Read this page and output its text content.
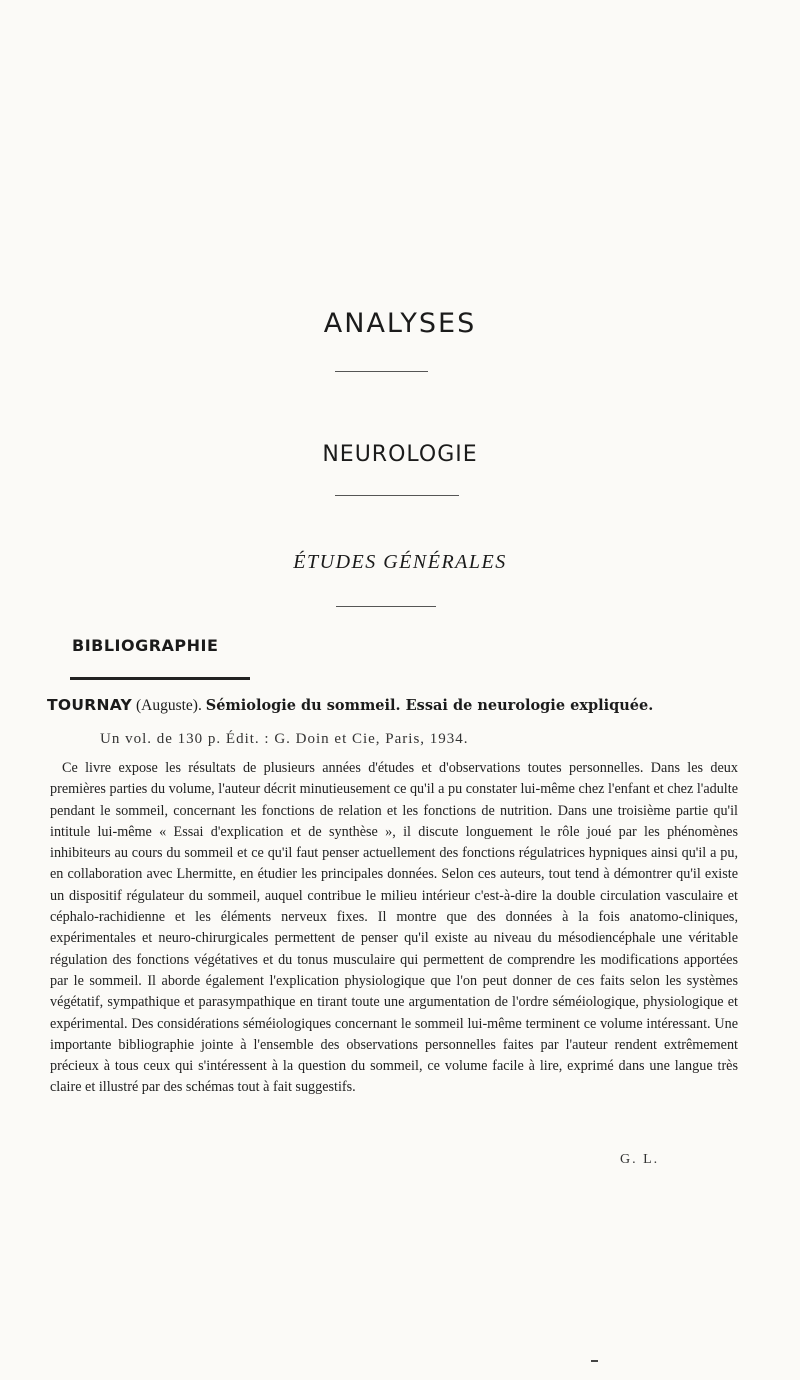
ANALYSES
NEUROLOGIE
ÉTUDES GÉNÉRALES
BIBLIOGRAPHIE
TOURNAY (Auguste). Sémiologie du sommeil. Essai de neurologie expliquée.
Un vol. de 130 p. Édit. : G. Doin et Cie, Paris, 1934.
Ce livre expose les résultats de plusieurs années d'études et d'observations toutes personnelles. Dans les deux premières parties du volume, l'auteur décrit minutieusement ce qu'il a pu constater lui-même chez l'enfant et chez l'adulte pendant le sommeil, concernant les fonctions de relation et les fonctions de nutrition. Dans une troisième partie qu'il intitule lui-même « Essai d'explication et de synthèse », il discute longuement le rôle joué par les phénomènes inhibiteurs au cours du sommeil et ce qu'il faut penser actuellement des fonctions régulatrices hypniques ainsi qu'il a pu, en collaboration avec Lhermitte, en étudier les principales données. Selon ces auteurs, tout tend à démontrer qu'il existe un dispositif régulateur du sommeil, auquel contribue le milieu intérieur c'est-à-dire la double circulation vasculaire et céphalo-rachidienne et les éléments nerveux fixes. Il montre que des données à la fois anatomo-cliniques, expérimentales et neuro-chirurgicales permettent de penser qu'il existe au niveau du mésodiencéphale une véritable régulation des fonctions végétatives et du tonus musculaire qui permettent de comprendre les modifications apportées par le sommeil. Il aborde également l'explication physiologique que l'on peut donner de ces faits selon les systèmes végétatif, sympathique et parasympathique en tirant toute une argumentation de l'ordre séméiologique, physiologique et expérimental. Des considérations séméiologiques concernant le sommeil lui-même terminent ce volume intéressant. Une importante bibliographie jointe à l'ensemble des observations personnelles faites par l'auteur rendent extrêmement précieux à tous ceux qui s'intéressent à la question du sommeil, ce volume facile à lire, exprimé dans une langue très claire et illustré par des schémas tout à fait suggestifs.
G. L.
